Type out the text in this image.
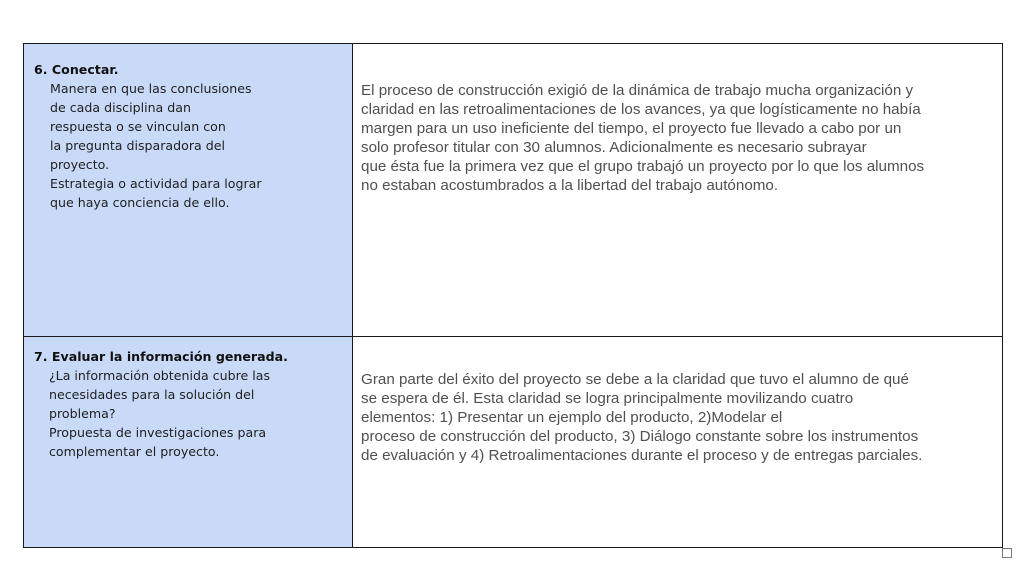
6. Conectar.
Manera en que las conclusiones
de cada disciplina dan
respuesta o se vinculan con
la pregunta disparadora del
proyecto.
Estrategia o actividad para lograr
que haya conciencia de ello.
El proceso de construcción exigió de la dinámica de trabajo mucha organización y
claridad en las retroalimentaciones de los avances, ya que logísticamente no había
margen para un uso ineficiente del tiempo, el proyecto fue llevado a cabo por un
solo profesor titular con 30 alumnos. Adicionalmente es necesario subrayar
que ésta fue la primera vez que el grupo trabajó un proyecto por lo que los alumnos
no estaban acostumbrados a la libertad del trabajo autónomo.
7. Evaluar la información generada.
¿La información obtenida cubre las
necesidades para la solución del
problema?
Propuesta de investigaciones para
complementar el proyecto.
Gran parte del éxito del proyecto se debe a la claridad que tuvo el alumno de qué
se espera de él. Esta claridad se logra principalmente movilizando cuatro
elementos: 1) Presentar un ejemplo del producto, 2)Modelar el
proceso de construcción del producto, 3) Diálogo constante sobre los instrumentos
de evaluación y 4) Retroalimentaciones durante el proceso y de entregas parciales.
